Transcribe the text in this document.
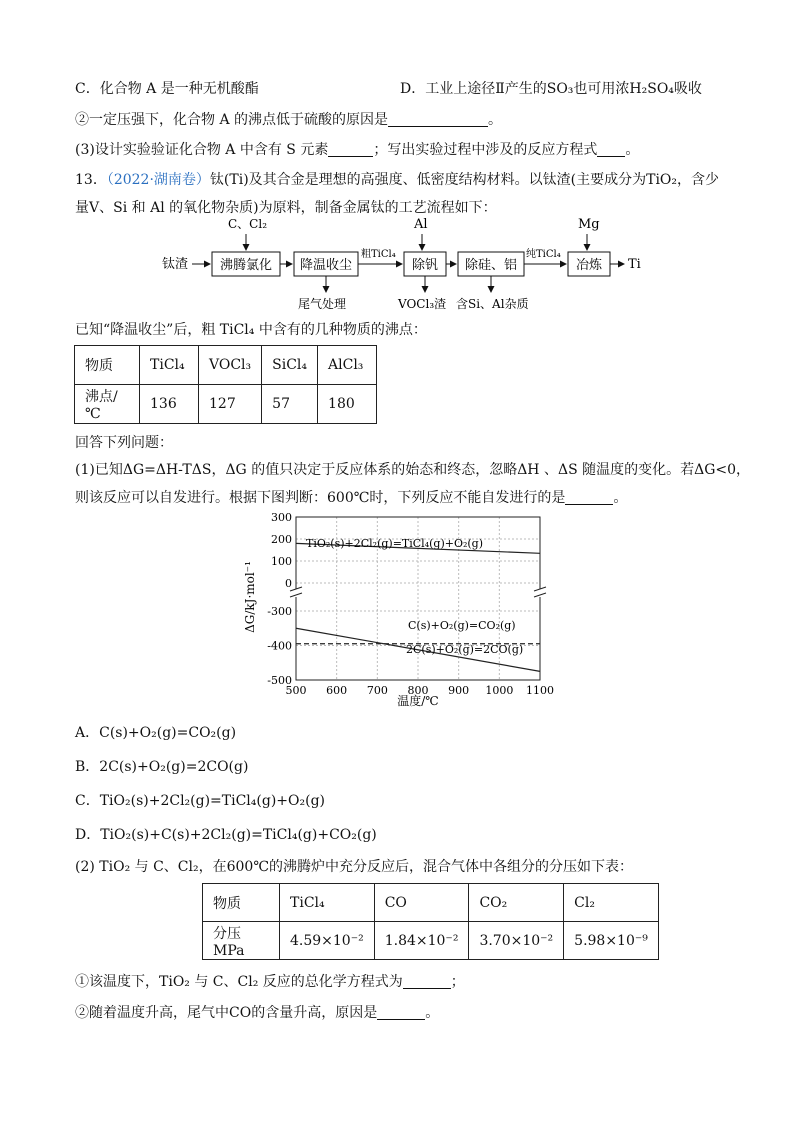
C．化合物 A 是一种无机酸酯	D．工业上途径Ⅱ产生的SO₃也可用浓H₂SO₄吸收
②一定压强下，化合物 A 的沸点低于硫酸的原因是	。
(3)设计实验验证化合物 A 中含有 S 元素	；写出实验过程中涉及的反应方程式 。
13．（2022·湖南卷）钛(Ti)及其合金是理想的高强度、低密度结构材料。以钛渣(主要成分为TiO₂，含少
量V、Si 和 Al 的氧化物杂质)为原料，制备金属钛的工艺流程如下：
钛渣 沸腾氯化
C、Cl₂
降温收尘
尾气处理
粗TiCl₄
除钒
Al
VOCl₃渣
除硅、铝
含Si、Al杂质
纯TiCl₄
冶炼
Mg
Ti
已知“降温收尘”后，粗 TiCl₄ 中含有的几种物质的沸点：
物质	TiCl₄	VOCl₃	SiCl₄	AlCl₃
沸点/℃	136	127	57	180
回答下列问题：
(1)已知ΔG=ΔH-TΔS，ΔG 的值只决定于反应体系的始态和终态，忽略ΔH 、ΔS 随温度的变化。若ΔG<0，
则该反应可以自发进行。根据下图判断：600℃时，下列反应不能自发进行的是	。
300
200
100
0
-300
-400
-500
500 600 700 800 900 1000 1100
ΔG/kJ·mol⁻¹
温度/℃
TiO₂(s)+2Cl₂(g)=TiCl₄(g)+O₂(g)
C(s)+O₂(g)=CO₂(g)
2C(s)+O₂(g)=2CO(g)
A．C(s)+O₂(g)=CO₂(g)
B．2C(s)+O₂(g)=2CO(g)
C．TiO₂(s)+2Cl₂(g)=TiCl₄(g)+O₂(g)
D．TiO₂(s)+C(s)+2Cl₂(g)=TiCl₄(g)+CO₂(g)
(2) TiO₂ 与 C、Cl₂，在600℃的沸腾炉中充分反应后，混合气体中各组分的分压如下表：
物质	TiCl₄	CO	CO₂	Cl₂
分压MPa	4.59×10⁻²	1.84×10⁻²	3.70×10⁻²	5.98×10⁻⁹
①该温度下，TiO₂ 与 C、Cl₂ 反应的总化学方程式为	；
②随着温度升高，尾气中CO的含量升高，原因是	。
